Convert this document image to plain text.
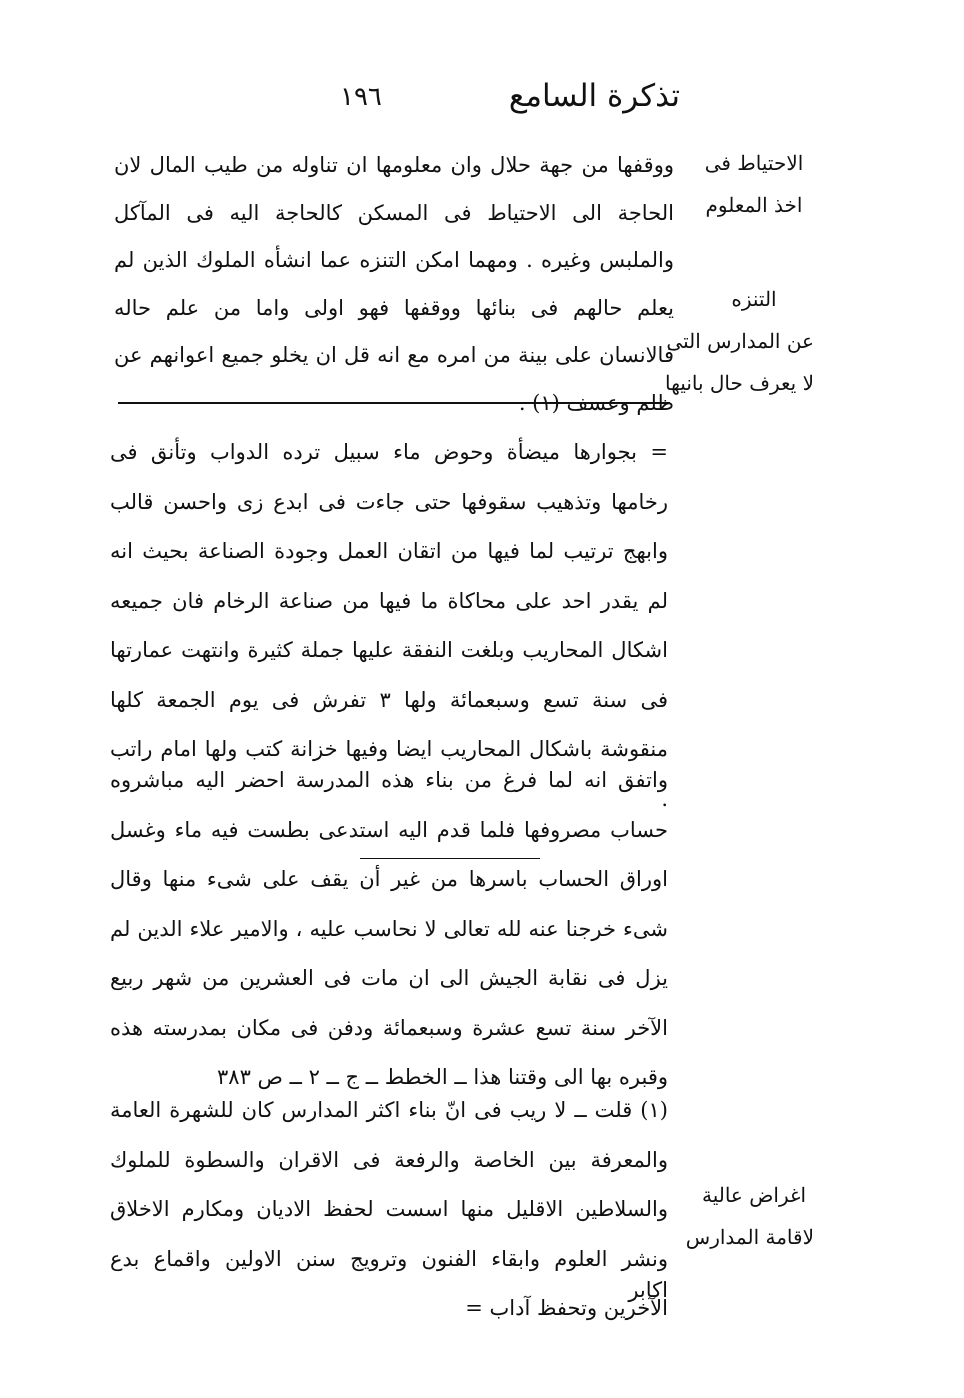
تذكرة السامع
١٩٦
الاحتياط فى
اخذ المعلوم
التنزه
عن المدارس التى
لا يعرف حال بانيها
اغراض عالية
لاقامة المدارس
ووقفها من جهة حلال وان معلومها ان تناوله من طيب المال لان الحاجة الى الاحتياط فى المسكن كالحاجة اليه فى المآكل والملبس وغيره . ومهما امكن التنزه عما انشأه الملوك الذين لم يعلم حالهم فى بنائها ووقفها فهو اولى واما من علم حاله فالانسان على بينة من امره مع انه قل ان يخلو جميع اعوانهم عن ظلم وعسف (١) .
= بجوارها ميضأة وحوض ماء سبيل ترده الدواب وتأنق فى رخامها وتذهيب سقوفها حتى جاءت فى ابدع زى واحسن قالب وابهج ترتيب لما فيها من اتقان العمل وجودة الصناعة بحيث انه لم يقدر احد على محاكاة ما فيها من صناعة الرخام فان جميعه اشكال المحاريب وبلغت النفقة عليها جملة كثيرة وانتهت عمارتها فى سنة تسع وسبعمائة ولها ٣ تفرش فى يوم الجمعة كلها منقوشة باشكال المحاريب ايضا وفيها خزانة كتب ولها امام راتب .
واتفق انه لما فرغ من بناء هذه المدرسة احضر اليه مباشروه حساب مصروفها فلما قدم اليه استدعى بطست فيه ماء وغسل اوراق الحساب باسرها من غير أن يقف على شىء منها وقال شىء خرجنا عنه لله تعالى لا نحاسب عليه ، والامير علاء الدين لم يزل فى نقابة الجيش الى ان مات فى العشرين من شهر ربيع الآخر سنة تسع عشرة وسبعمائة ودفن فى مكان بمدرسته هذه وقبره بها الى وقتنا هذا ــ الخطط ــ ج ــ ٢ ــ ص ٣٨٣
(١) قلت ــ لا ريب فى انّ بناء اكثر المدارس كان للشهرة العامة والمعرفة بين الخاصة والرفعة فى الاقران والسطوة للملوك والسلاطين الاقليل منها اسست لحفظ الاديان ومكارم الاخلاق ونشر العلوم وابقاء الفنون وترويج سنن الاولين واقماع بدع الآخرين وتحفظ آداب =
اكابر
